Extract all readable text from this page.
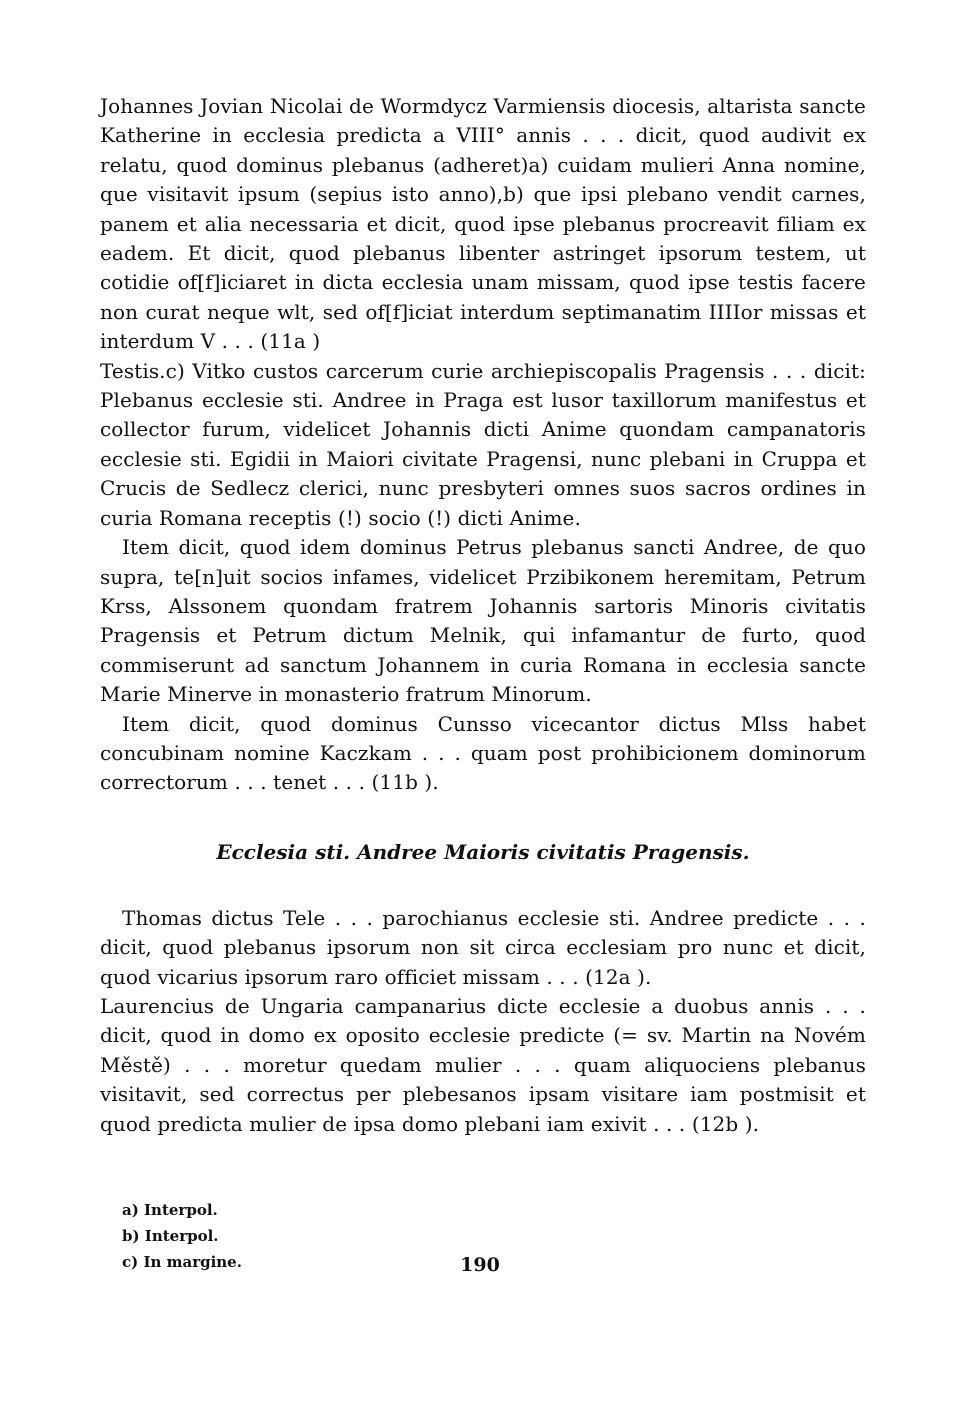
Johannes Jovian Nicolai de Wormdycz Varmiensis diocesis, altarista sancte Katherine in ecclesia predicta a VIII° annis . . . dicit, quod audivit ex relatu, quod dominus plebanus (adheret)a) cuidam mulieri Anna nomine, que visitavit ipsum (sepius isto anno),b) que ipsi plebano vendit carnes, panem et alia necessaria et dicit, quod ipse plebanus procreavit filiam ex eadem. Et dicit, quod plebanus libenter astringet ipsorum testem, ut cotidie of[f]iciaret in dicta ecclesia unam missam, quod ipse testis facere non curat neque wlt, sed of[f]iciat interdum septimanatim IIIIor missas et interdum V . . . (11a )

Testis.c) Vitko custos carcerum curie archiepiscopalis Pragensis . . . dicit: Plebanus ecclesie sti. Andree in Praga est lusor taxillorum manifestus et collector furum, videlicet Johannis dicti Anime quondam campanatoris ecclesie sti. Egidii in Maiori civitate Pragensi, nunc plebani in Cruppa et Crucis de Sedlecz clerici, nunc presbyteri omnes suos sacros ordines in curia Romana receptis (!) socio (!) dicti Anime.

Item dicit, quod idem dominus Petrus plebanus sancti Andree, de quo supra, te[n]uit socios infames, videlicet Przibikonem heremitam, Petrum Krss, Alssonem quondam fratrem Johannis sartoris Minoris civitatis Pragensis et Petrum dictum Melnik, qui infamantur de furto, quod commiserunt ad sanctum Johannem in curia Romana in ecclesia sancte Marie Minerve in monasterio fratrum Minorum.

Item dicit, quod dominus Cunsso vicecantor dictus Mlss habet concubinam nomine Kaczkam . . . quam post prohibicionem dominorum correctorum . . . tenet . . . (11b ).

Ecclesia sti. Andree Maioris civitatis Pragensis.

Thomas dictus Tele . . . parochianus ecclesie sti. Andree predicte . . . dicit, quod plebanus ipsorum non sit circa ecclesiam pro nunc et dicit, quod vicarius ipsorum raro officiet missam . . . (12a ).

Laurencius de Ungaria campanarius dicte ecclesie a duobus annis . . . dicit, quod in domo ex oposito ecclesie predicte (= sv. Martin na Novém Městě) . . . moretur quedam mulier . . . quam aliquociens plebanus visitavit, sed correctus per plebesanos ipsam visitare iam postmisit et quod predicta mulier de ipsa domo plebani iam exivit . . . (12b ).

a) Interpol.
b) Interpol.
c) In margine.	190
